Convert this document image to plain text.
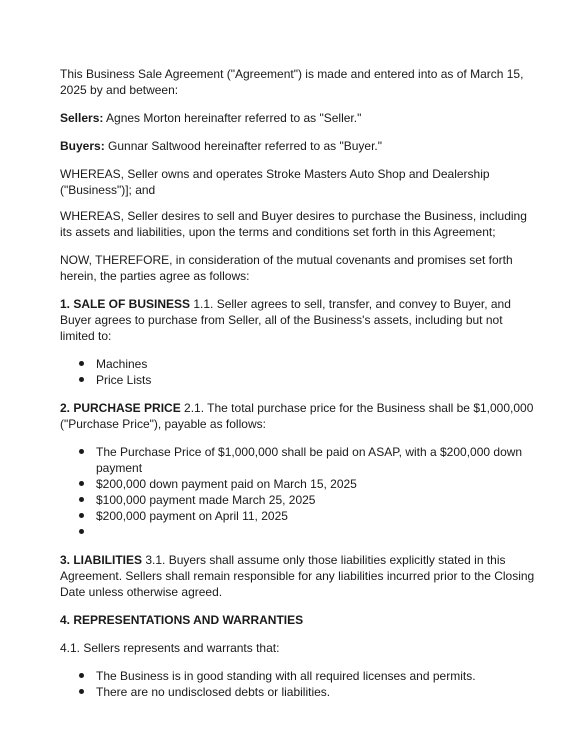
This Business Sale Agreement ("Agreement") is made and entered into as of March 15, 2025 by and between:

Sellers: Agnes Morton hereinafter referred to as "Seller."

Buyers: Gunnar Saltwood hereinafter referred to as "Buyer."

WHEREAS, Seller owns and operates Stroke Masters Auto Shop and Dealership ("Business")]; and

WHEREAS, Seller desires to sell and Buyer desires to purchase the Business, including its assets and liabilities, upon the terms and conditions set forth in this Agreement;

NOW, THEREFORE, in consideration of the mutual covenants and promises set forth herein, the parties agree as follows:

1. SALE OF BUSINESS 1.1. Seller agrees to sell, transfer, and convey to Buyer, and Buyer agrees to purchase from Seller, all of the Business's assets, including but not limited to:

Machines
Price Lists

2. PURCHASE PRICE 2.1. The total purchase price for the Business shall be $1,000,000 ("Purchase Price"), payable as follows:

The Purchase Price of $1,000,000 shall be paid on ASAP, with a $200,000 down payment
$200,000 down payment paid on March 15, 2025
$100,000 payment made March 25, 2025
$200,000 payment on April 11, 2025

3. LIABILITIES 3.1. Buyers shall assume only those liabilities explicitly stated in this Agreement. Sellers shall remain responsible for any liabilities incurred prior to the Closing Date unless otherwise agreed.

4. REPRESENTATIONS AND WARRANTIES

4.1. Sellers represents and warrants that:

The Business is in good standing with all required licenses and permits.
There are no undisclosed debts or liabilities.
